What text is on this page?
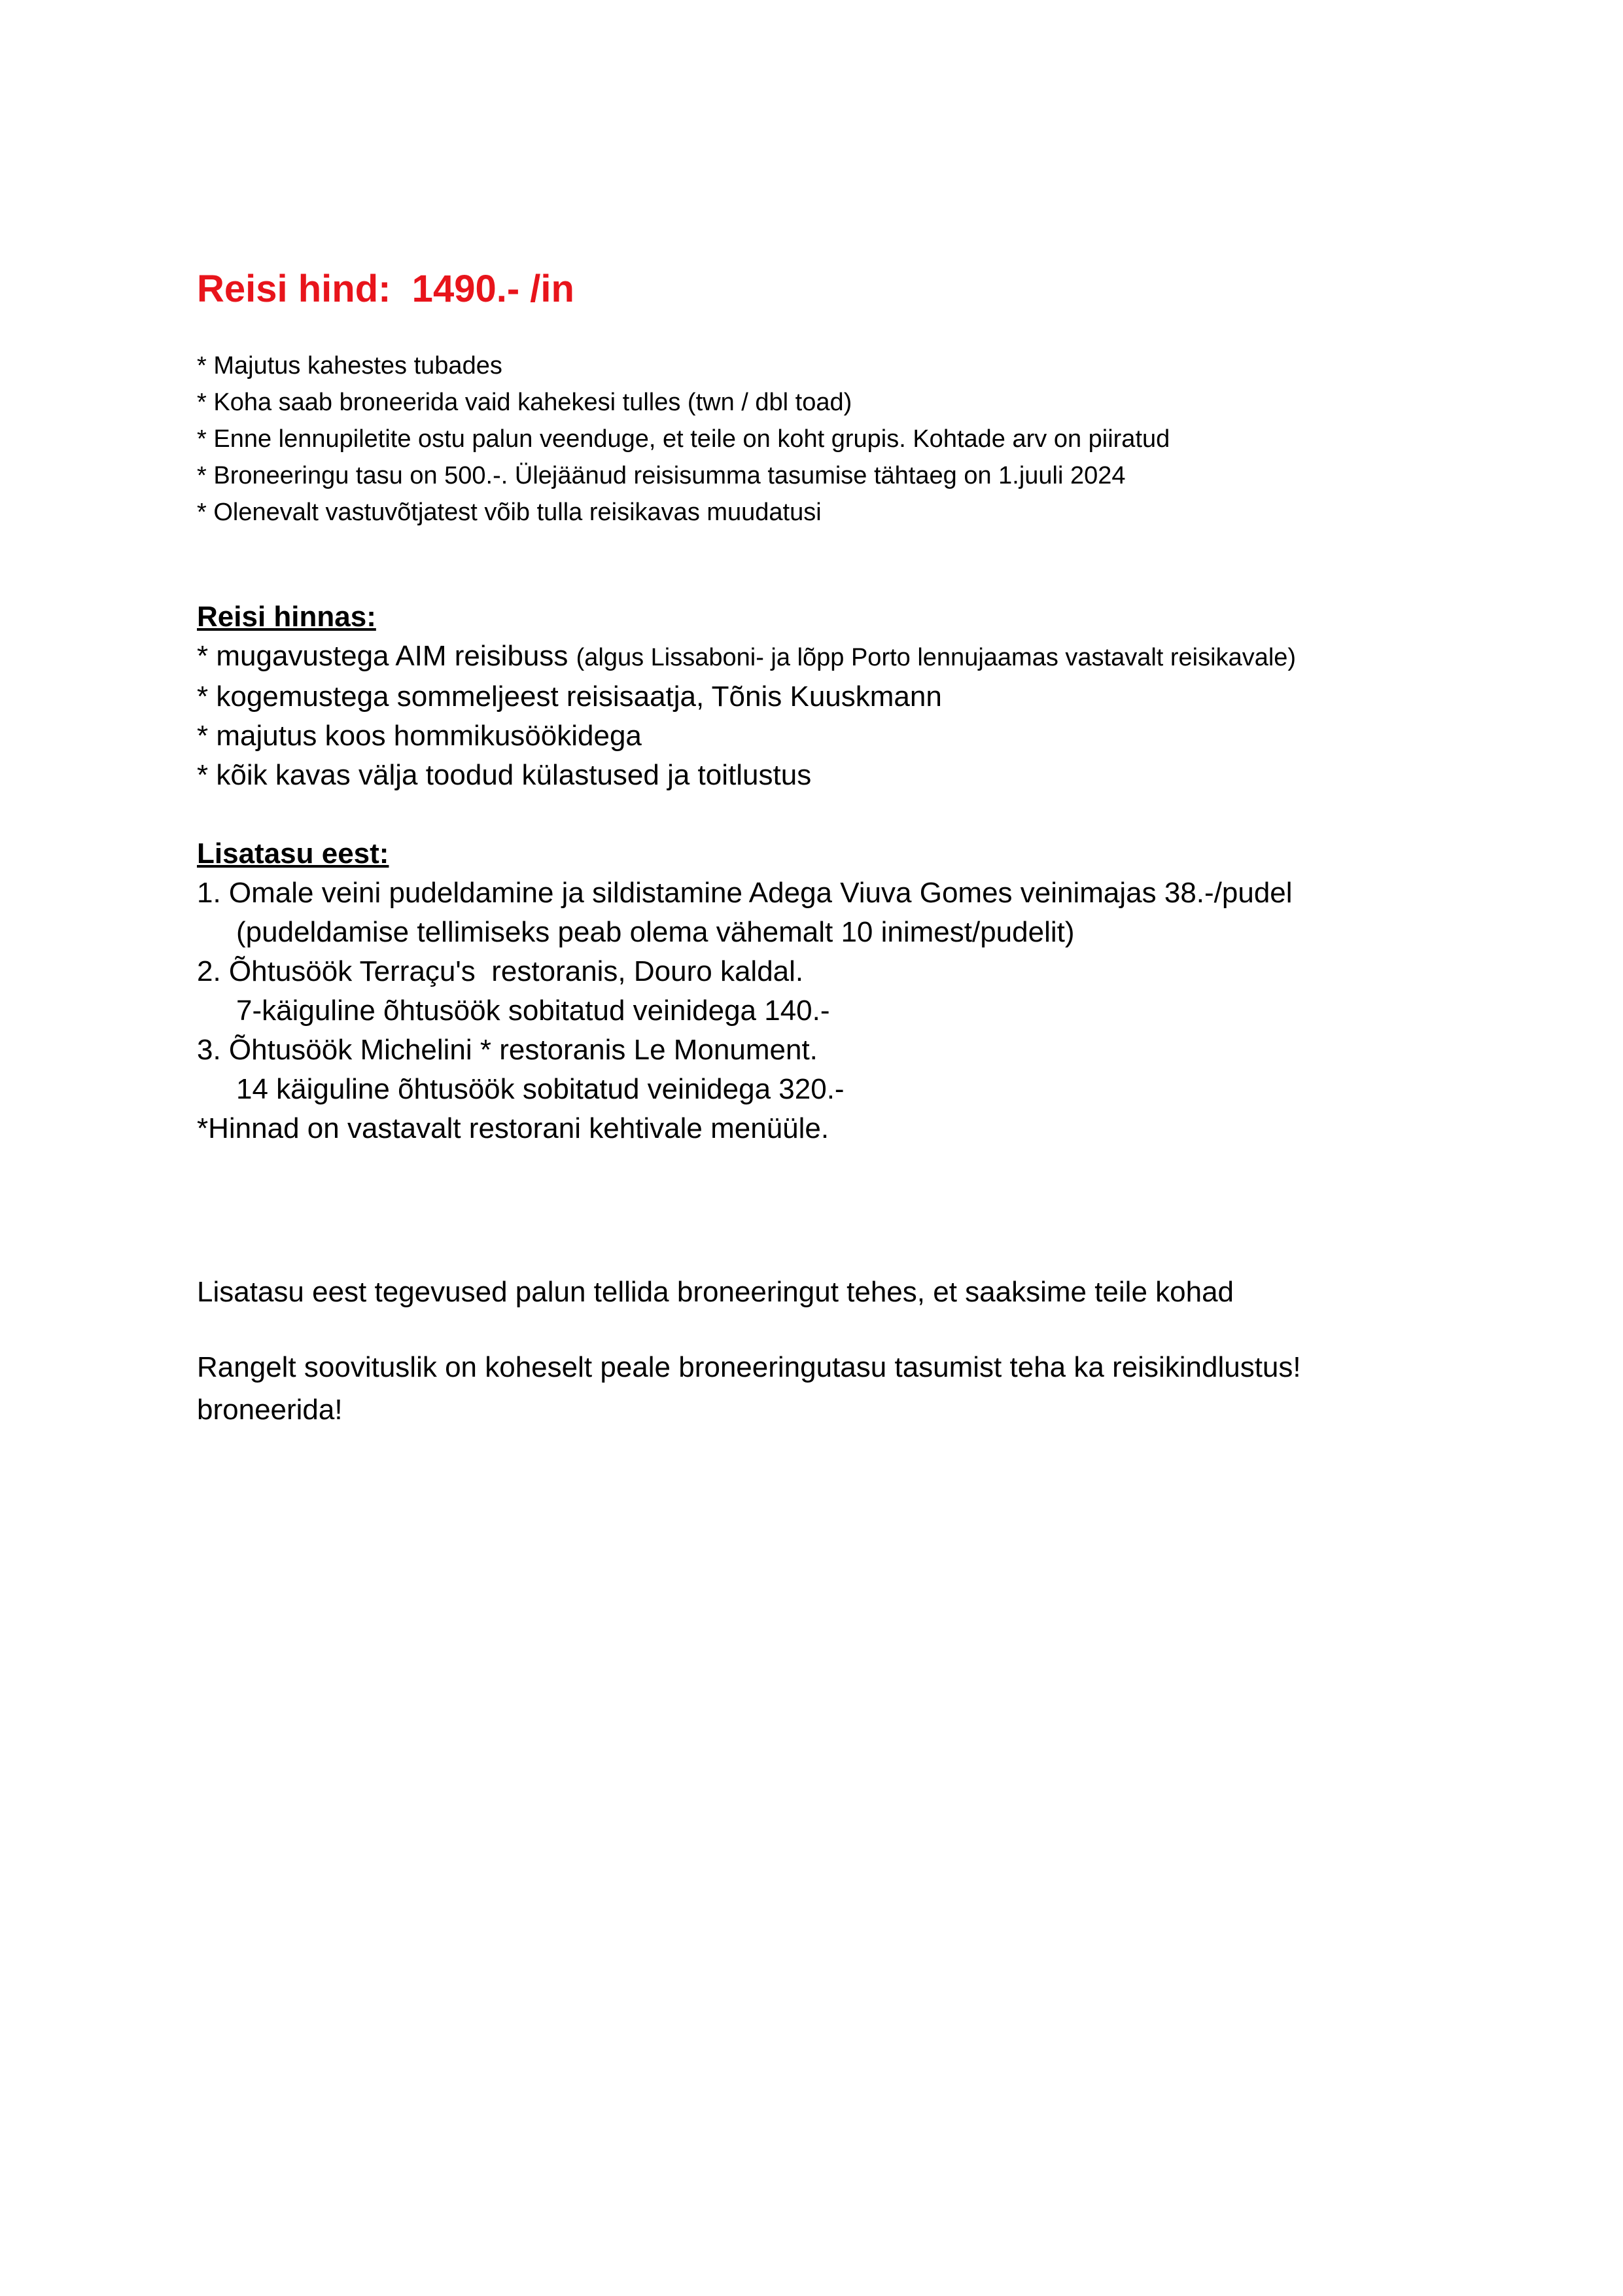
Reisi hind:  1490.- /in
* Majutus kahestes tubades
* Koha saab broneerida vaid kahekesi tulles (twn / dbl toad)
* Enne lennupiletite ostu palun veenduge, et teile on koht grupis. Kohtade arv on piiratud
* Broneeringu tasu on 500.-. Ülejäänud reisisumma tasumise tähtaeg on 1.juuli 2024
* Olenevalt vastuvõtjatest võib tulla reisikavas muudatusi
Reisi hinnas:
* mugavustega AIM reisibuss (algus Lissaboni- ja lõpp Porto lennujaamas vastavalt reisikavale)
* kogemustega sommeljeest reisisaatja, Tõnis Kuuskmann
* majutus koos hommikusöökidega
* kõik kavas välja toodud külastused ja toitlustus
Lisatasu eest:
1. Omale veini pudeldamine ja sildistamine Adega Viuva Gomes veinimajas 38.-/pudel
(pudeldamise tellimiseks peab olema vähemalt 10 inimest/pudelit)
2. Õhtusöök Terraçu's  restoranis, Douro kaldal.
7-käiguline õhtusöök sobitatud veinidega 140.-
3. Õhtusöök Michelini * restoranis Le Monument.
14 käiguline õhtusöök sobitatud veinidega 320.-
*Hinnad on vastavalt restorani kehtivale menüüle.

Lisatasu eest tegevused palun tellida broneeringut tehes, et saaksime teile kohad

broneerida!

Rangelt soovituslik on koheselt peale broneeringutasu tasumist teha ka reisikindlustus!
